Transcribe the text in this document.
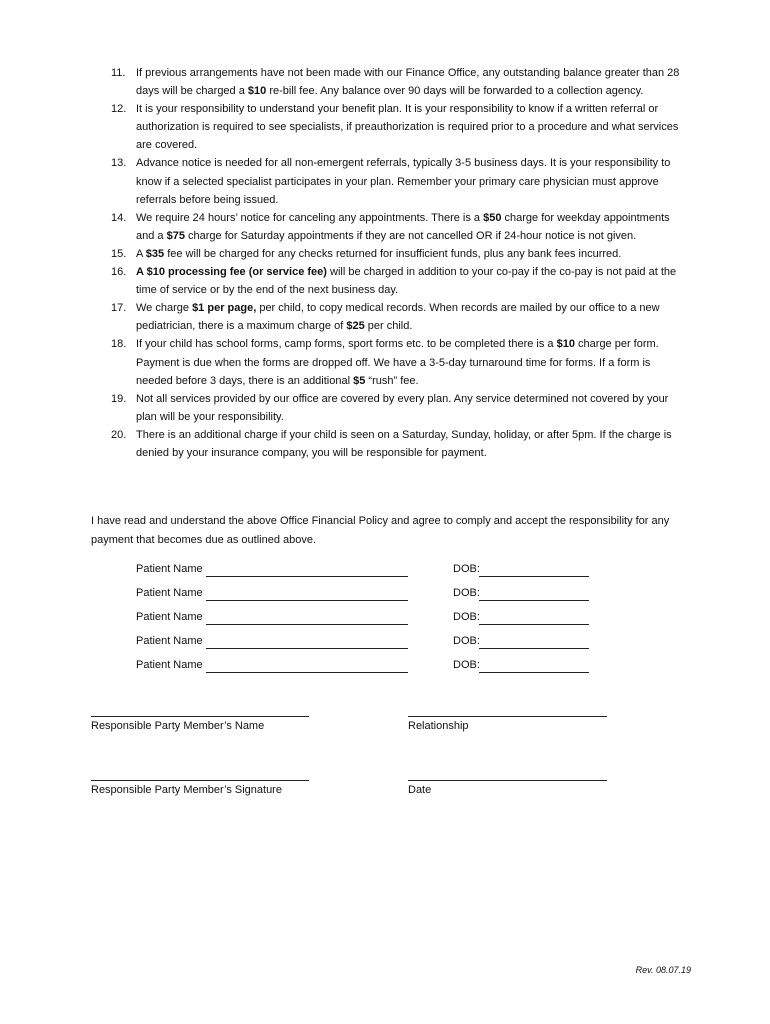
11. If previous arrangements have not been made with our Finance Office, any outstanding balance greater than 28 days will be charged a $10 re-bill fee. Any balance over 90 days will be forwarded to a collection agency.
12. It is your responsibility to understand your benefit plan. It is your responsibility to know if a written referral or authorization is required to see specialists, if preauthorization is required prior to a procedure and what services are covered.
13. Advance notice is needed for all non-emergent referrals, typically 3-5 business days. It is your responsibility to know if a selected specialist participates in your plan. Remember your primary care physician must approve referrals before being issued.
14. We require 24 hours’ notice for canceling any appointments. There is a $50 charge for weekday appointments and a $75 charge for Saturday appointments if they are not cancelled OR if 24-hour notice is not given.
15. A $35 fee will be charged for any checks returned for insufficient funds, plus any bank fees incurred.
16. A $10 processing fee (or service fee) will be charged in addition to your co-pay if the co-pay is not paid at the time of service or by the end of the next business day.
17. We charge $1 per page, per child, to copy medical records. When records are mailed by our office to a new pediatrician, there is a maximum charge of $25 per child.
18. If your child has school forms, camp forms, sport forms etc. to be completed there is a $10 charge per form. Payment is due when the forms are dropped off. We have a 3-5-day turnaround time for forms. If a form is needed before 3 days, there is an additional $5 “rush” fee.
19. Not all services provided by our office are covered by every plan. Any service determined not covered by your plan will be your responsibility.
20. There is an additional charge if your child is seen on a Saturday, Sunday, holiday, or after 5pm. If the charge is denied by your insurance company, you will be responsible for payment.
I have read and understand the above Office Financial Policy and agree to comply and accept the responsibility for any payment that becomes due as outlined above.
Patient Name	DOB:
Patient Name	DOB:
Patient Name	DOB:
Patient Name	DOB:
Patient Name	DOB:
Responsible Party Member’s Name	Relationship
Responsible Party Member’s Signature	Date
Rev. 08.07.19
